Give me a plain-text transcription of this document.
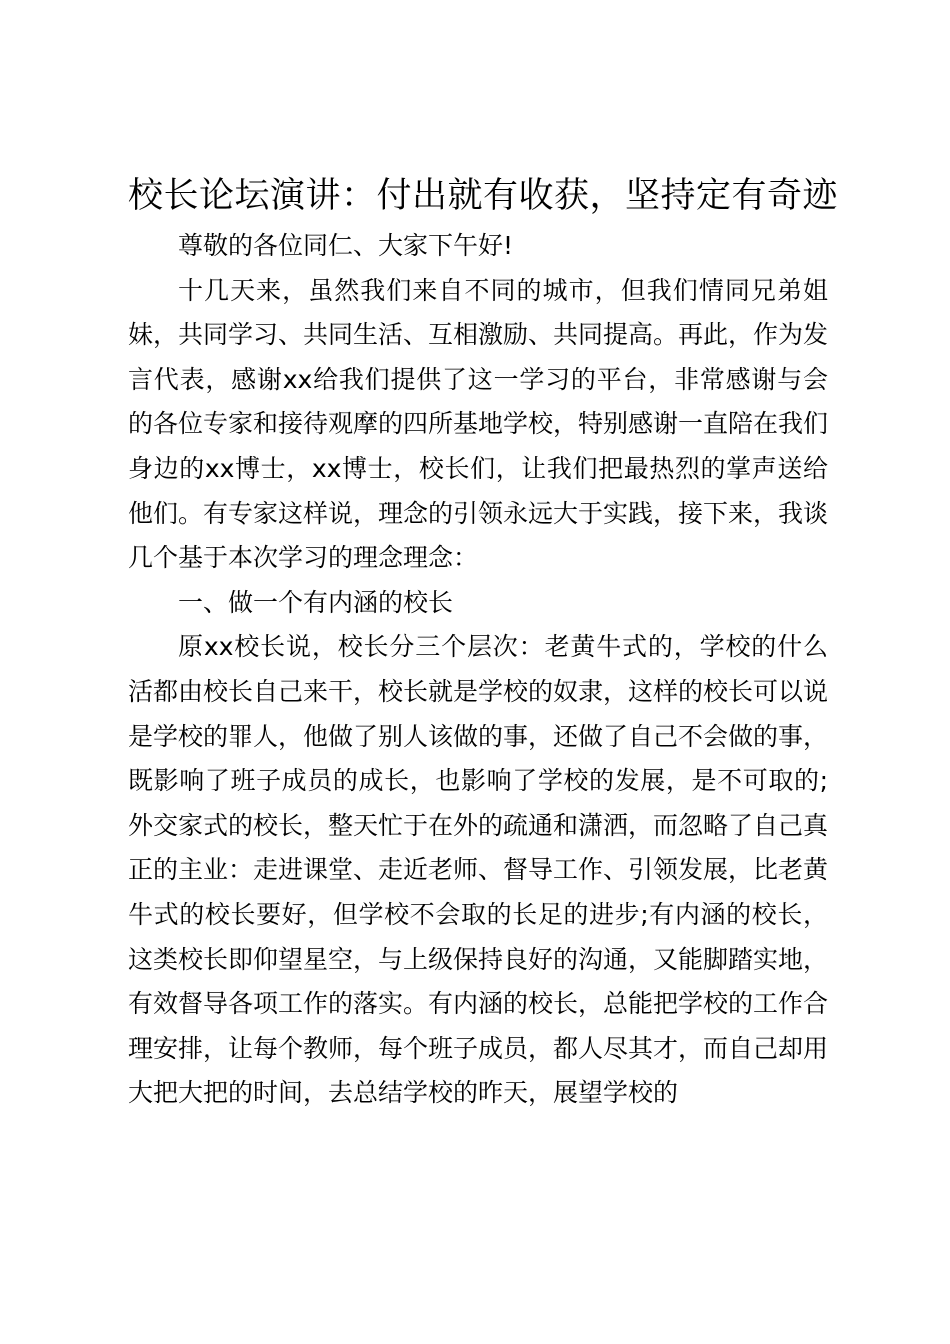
校长论坛演讲：付出就有收获，坚持定有奇迹

尊敬的各位同仁、大家下午好!

十几天来，虽然我们来自不同的城市，但我们情同兄弟姐妹，共同学习、共同生活、互相激励、共同提高。再此，作为发言代表，感谢xx给我们提供了这一学习的平台，非常感谢与会的各位专家和接待观摩的四所基地学校，特别感谢一直陪在我们身边的xx博士，xx博士，校长们，让我们把最热烈的掌声送给他们。有专家这样说，理念的引领永远大于实践，接下来，我谈几个基于本次学习的理念理念：

一、做一个有内涵的校长

原xx校长说，校长分三个层次：老黄牛式的，学校的什么活都由校长自己来干，校长就是学校的奴隶，这样的校长可以说是学校的罪人，他做了别人该做的事，还做了自己不会做的事，既影响了班子成员的成长，也影响了学校的发展，是不可取的;外交家式的校长，整天忙于在外的疏通和潇洒，而忽略了自己真正的主业：走进课堂、走近老师、督导工作、引领发展，比老黄牛式的校长要好，但学校不会取的长足的进步;有内涵的校长，这类校长即仰望星空，与上级保持良好的沟通，又能脚踏实地，有效督导各项工作的落实。有内涵的校长，总能把学校的工作合理安排，让每个教师，每个班子成员，都人尽其才，而自己却用大把大把的时间，去总结学校的昨天，展望学校的
